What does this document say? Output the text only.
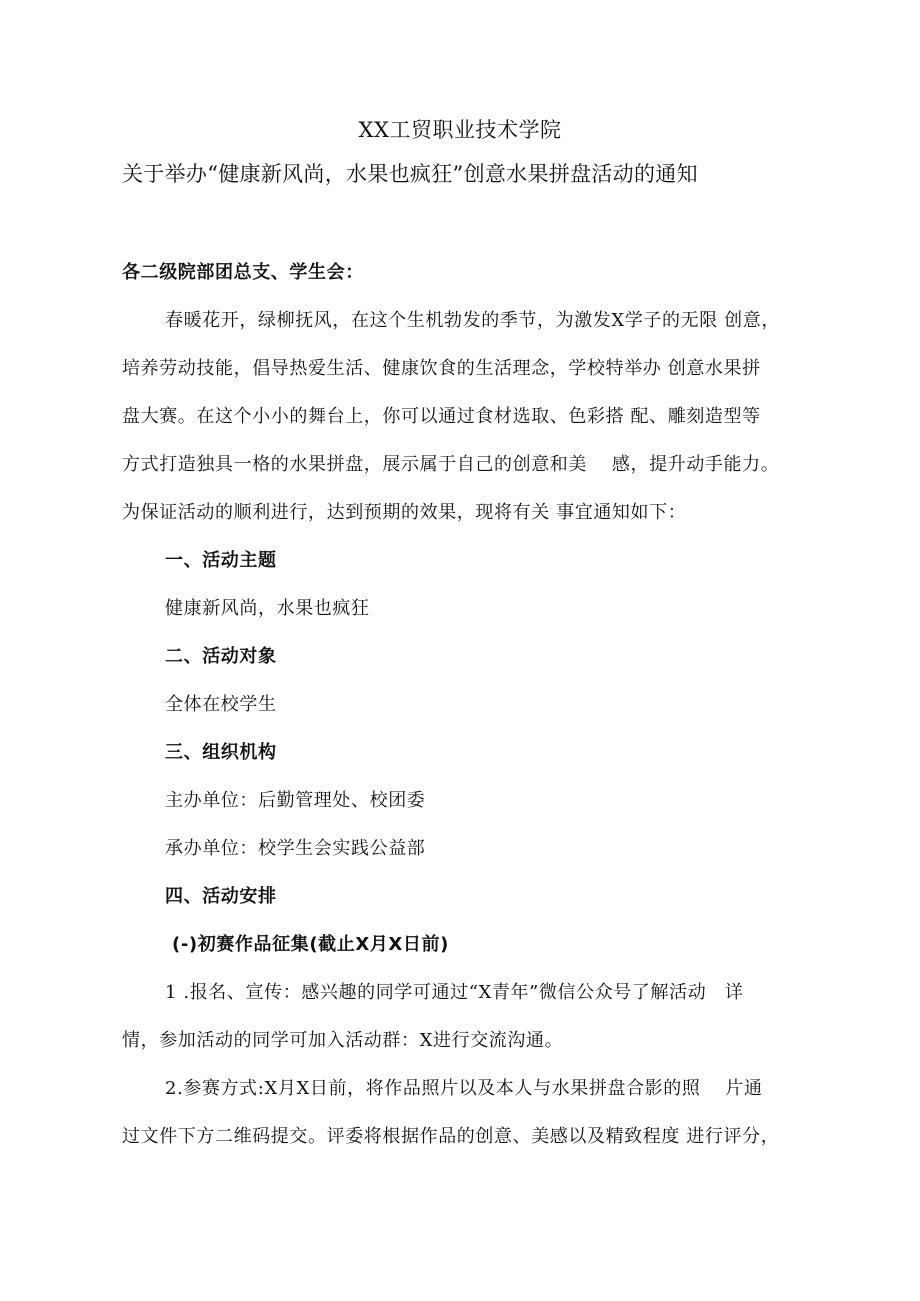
XX工贸职业技术学院
关于举办“健康新风尚，水果也疯狂”创意水果拼盘活动的通知
各二级院部团总支、学生会：
春暖花开，绿柳抚风，在这个生机勃发的季节，为激发X学子的无限 创意，
培养劳动技能，倡导热爱生活、健康饮食的生活理念，学校特举办 创意水果拼
盘大赛。在这个小小的舞台上，你可以通过食材选取、色彩搭 配、雕刻造型等
方式打造独具一格的水果拼盘，展示属于自己的创意和美　 感，提升动手能力。
为保证活动的顺利进行，达到预期的效果，现将有关 事宜通知如下：
一、活动主题
健康新风尚，水果也疯狂
二、活动对象
全体在校学生
三、组织机构
主办单位：后勤管理处、校团委
承办单位：校学生会实践公益部
四、活动安排
(-)初赛作品征集(截止X月X日前)
1 .报名、宣传：感兴趣的同学可通过“X青年”微信公众号了解活动　详
情，参加活动的同学可加入活动群：X进行交流沟通。
2.参赛方式:X月X日前，将作品照片以及本人与水果拼盘合影的照　 片通
过文件下方二维码提交。评委将根据作品的创意、美感以及精致程度 进行评分，
